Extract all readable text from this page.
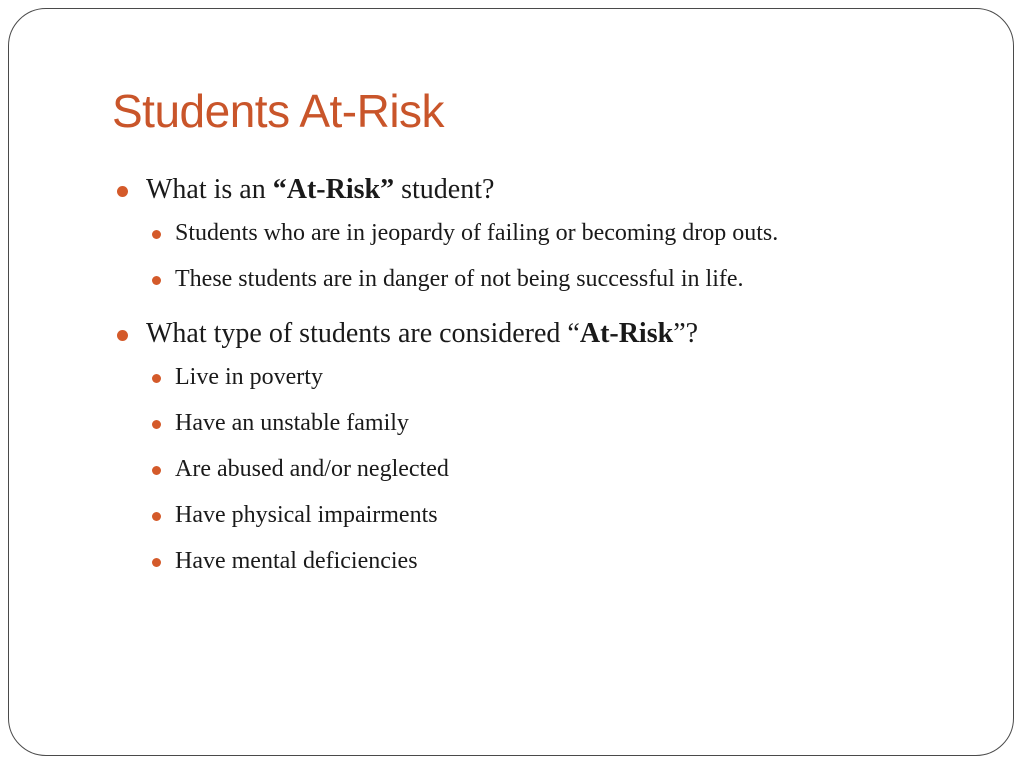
Students At-Risk
What is an “At-Risk” student?
Students who are in jeopardy of failing or becoming drop outs.
These students are in danger of not being successful in life.
What type of students are considered “At-Risk”?
Live in poverty
Have an unstable family
Are abused and/or neglected
Have physical impairments
Have mental deficiencies
